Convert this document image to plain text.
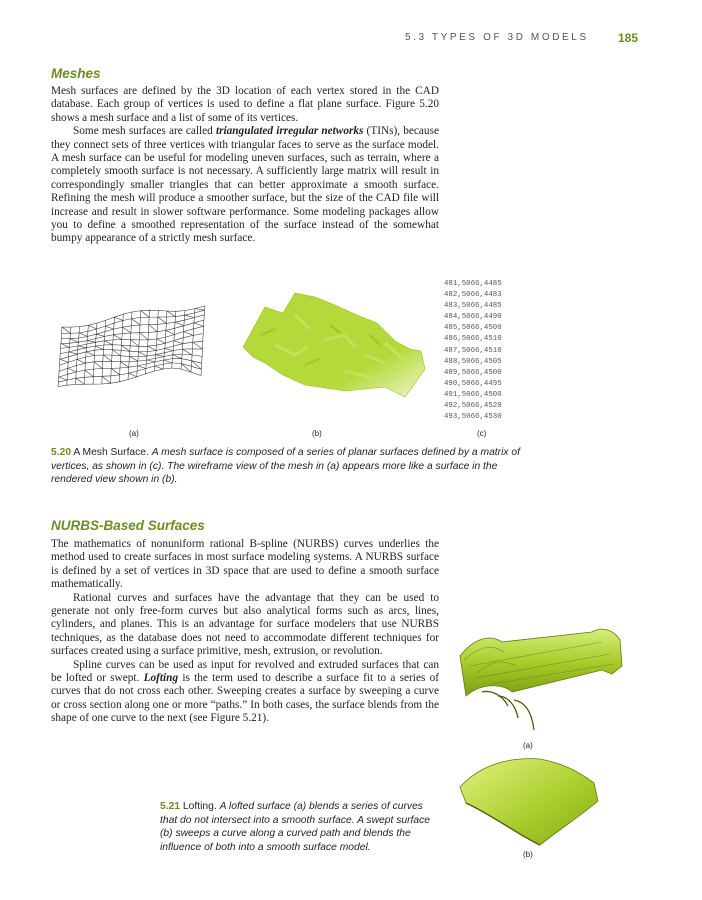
5.3 TYPES OF 3D MODELS 185
Meshes

Mesh surfaces are defined by the 3D location of each vertex stored in the CAD database. Each group of vertices is used to define a flat plane surface. Figure 5.20 shows a mesh surface and a list of some of its vertices.

Some mesh surfaces are called triangulated irregular networks (TINs), because they connect sets of three vertices with triangular faces to serve as the surface model. A mesh surface can be useful for modeling uneven surfaces, such as terrain, where a completely smooth surface is not necessary. A sufficiently large matrix will result in correspondingly smaller triangles that can better approximate a smooth surface. Refining the mesh will produce a smoother surface, but the size of the CAD file will increase and result in slower software performance. Some modeling packages allow you to define a smoothed representation of the surface instead of the somewhat bumpy appearance of a strictly mesh surface.

481,5066,4485
482,5066,4483
483,5066,4485
484,5066,4490
485,5066,4500
486,5066,4510
487,5066,4510
488,5066,4505
489,5066,4500
490,5066,4495
491,5066,4500
492,5066,4520
493,5066,4530
(a)	(b)	(c)
5.20 A Mesh Surface. A mesh surface is composed of a series of planar surfaces defined by a matrix of vertices, as shown in (c). The wireframe view of the mesh in (a) appears more like a surface in the rendered view shown in (b).
NURBS-Based Surfaces

The mathematics of nonuniform rational B-spline (NURBS) curves underlies the method used to create surfaces in most surface modeling systems. A NURBS surface is defined by a set of vertices in 3D space that are used to define a smooth surface mathematically.

Rational curves and surfaces have the advantage that they can be used to generate not only free-form curves but also analytical forms such as arcs, lines, cylinders, and planes. This is an advantage for surface modelers that use NURBS techniques, as the database does not need to accommodate different techniques for surfaces created using a surface primitive, mesh, extrusion, or revolution.

Spline curves can be used as input for revolved and extruded surfaces that can be lofted or swept. Lofting is the term used to describe a surface fit to a series of curves that do not cross each other. Sweeping creates a surface by sweeping a curve or cross section along one or more “paths.” In both cases, the surface blends from the shape of one curve to the next (see Figure 5.21).

(a)
(b)
5.21 Lofting. A lofted surface (a) blends a series of curves that do not intersect into a smooth surface. A swept surface (b) sweeps a curve along a curved path and blends the influence of both into a smooth surface model.
